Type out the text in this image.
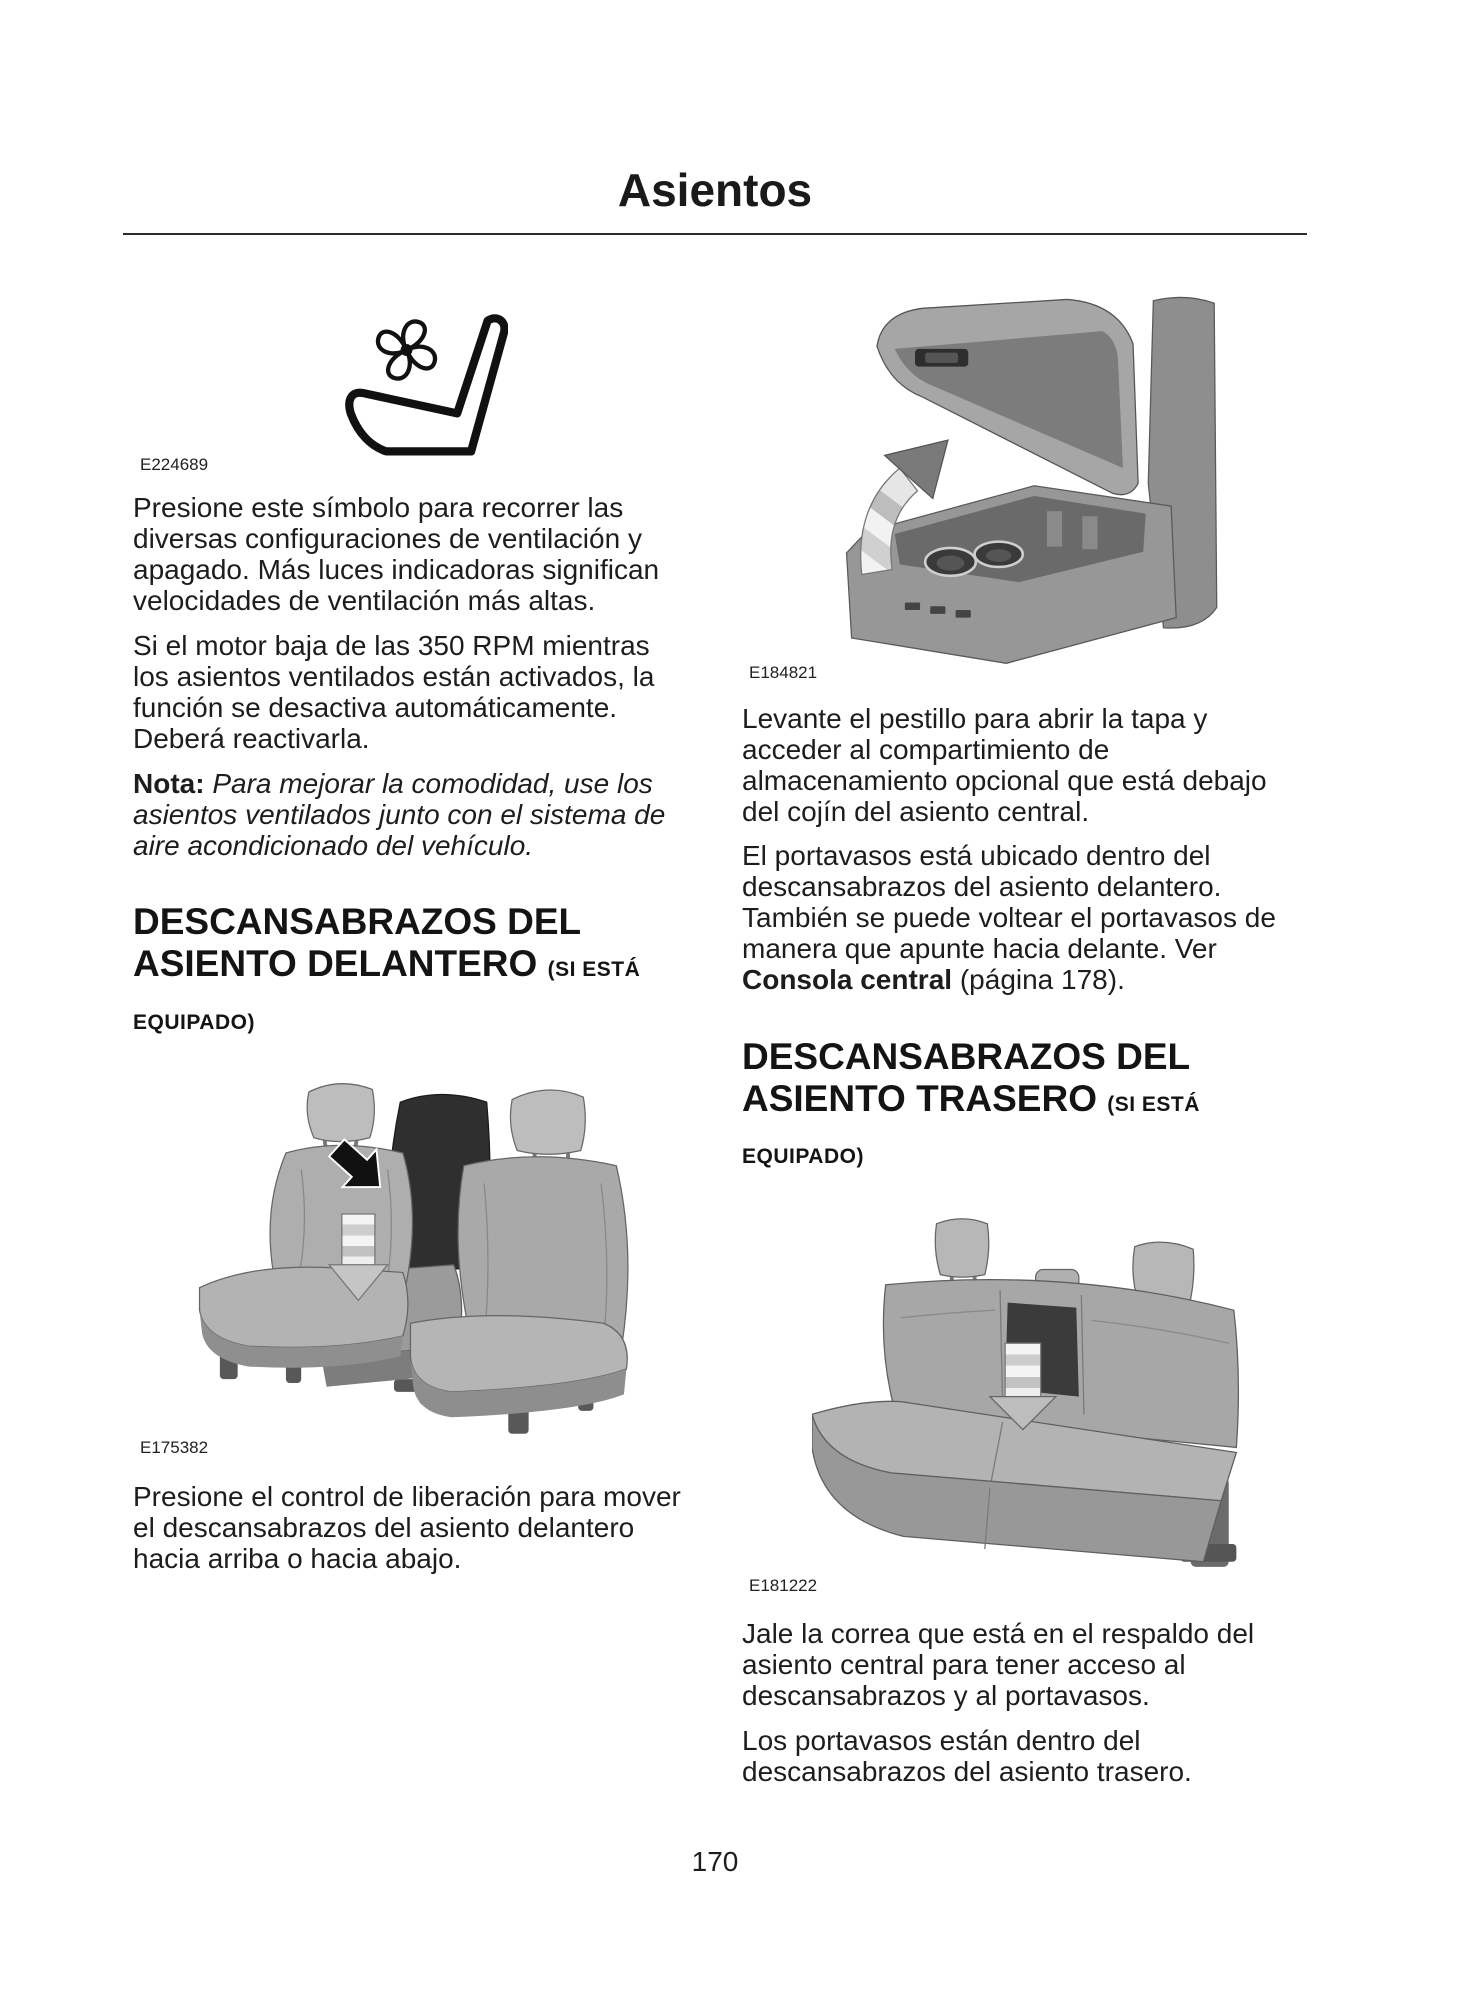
Asientos
E224689

Presione este símbolo para recorrer las diversas configuraciones de ventilación y apagado. Más luces indicadoras significan velocidades de ventilación más altas.

Si el motor baja de las 350 RPM mientras los asientos ventilados están activados, la función se desactiva automáticamente. Deberá reactivarla.

Nota: Para mejorar la comodidad, use los asientos ventilados junto con el sistema de aire acondicionado del vehículo.

DESCANSABRAZOS DEL
ASIENTO DELANTERO (SI ESTÁ
EQUIPADO)
E175382

Presione el control de liberación para mover el descansabrazos del asiento delantero hacia arriba o hacia abajo.

E184821

Levante el pestillo para abrir la tapa y acceder al compartimiento de almacenamiento opcional que está debajo del cojín del asiento central.

El portavasos está ubicado dentro del descansabrazos del asiento delantero. También se puede voltear el portavasos de manera que apunte hacia delante. Ver Consola central (página 178).

DESCANSABRAZOS DEL
ASIENTO TRASERO (SI ESTÁ
EQUIPADO)
E181222

Jale la correa que está en el respaldo del asiento central para tener acceso al descansabrazos y al portavasos.

Los portavasos están dentro del descansabrazos del asiento trasero.

170
